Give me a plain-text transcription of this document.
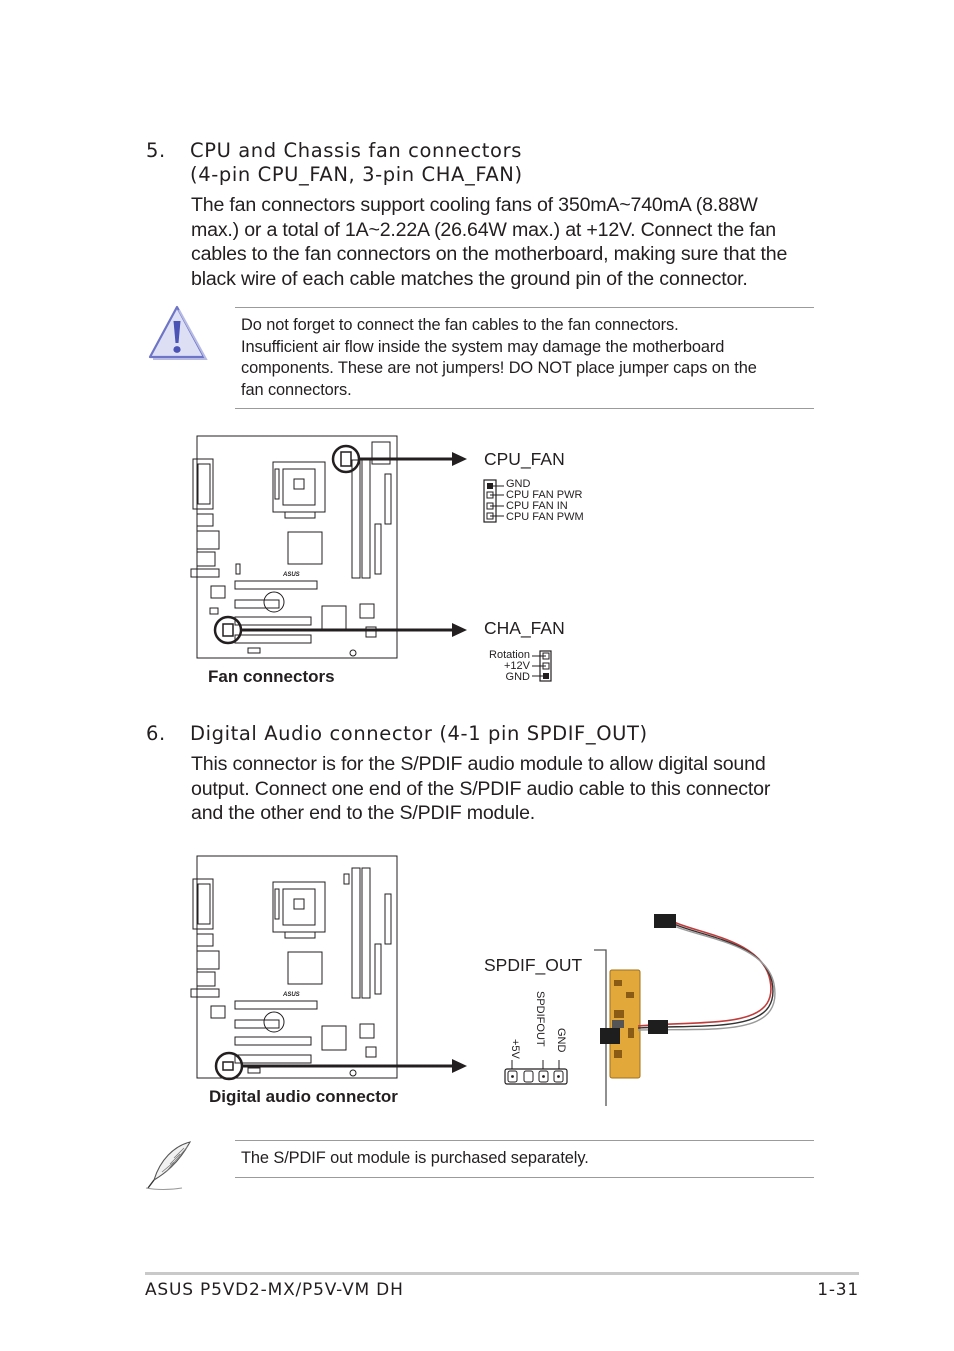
5. CPU and Chassis fan connectors
(4-pin CPU_FAN, 3-pin CHA_FAN)
The fan connectors support cooling fans of 350mA~740mA (8.88W
max.) or a total of 1A~2.22A (26.64W max.) at +12V. Connect the fan
cables to the fan connectors on the motherboard, making sure that the
black wire of each cable matches the ground pin of the connector.
Do not forget to connect the fan cables to the fan connectors.
Insufficient air flow inside the system may damage the motherboard
components. These are not jumpers! DO NOT place jumper caps on the
fan connectors.
ASUS
CPU_FAN
GND
CPU FAN PWR
CPU FAN IN
CPU FAN PWM
CHA_FAN
Rotation
+12V
GND
Fan connectors
6. Digital Audio connector (4-1 pin SPDIF_OUT)
This connector is for the S/PDIF audio module to allow digital sound
output. Connect one end of the S/PDIF audio cable to this connector
and the other end to the S/PDIF module.
ASUS
SPDIF_OUT
+5V
SPDIFOUT GND
Digital audio connector
The S/PDIF out module is purchased separately.
ASUS P5VD2-MX/P5V-VM DH	1-31
